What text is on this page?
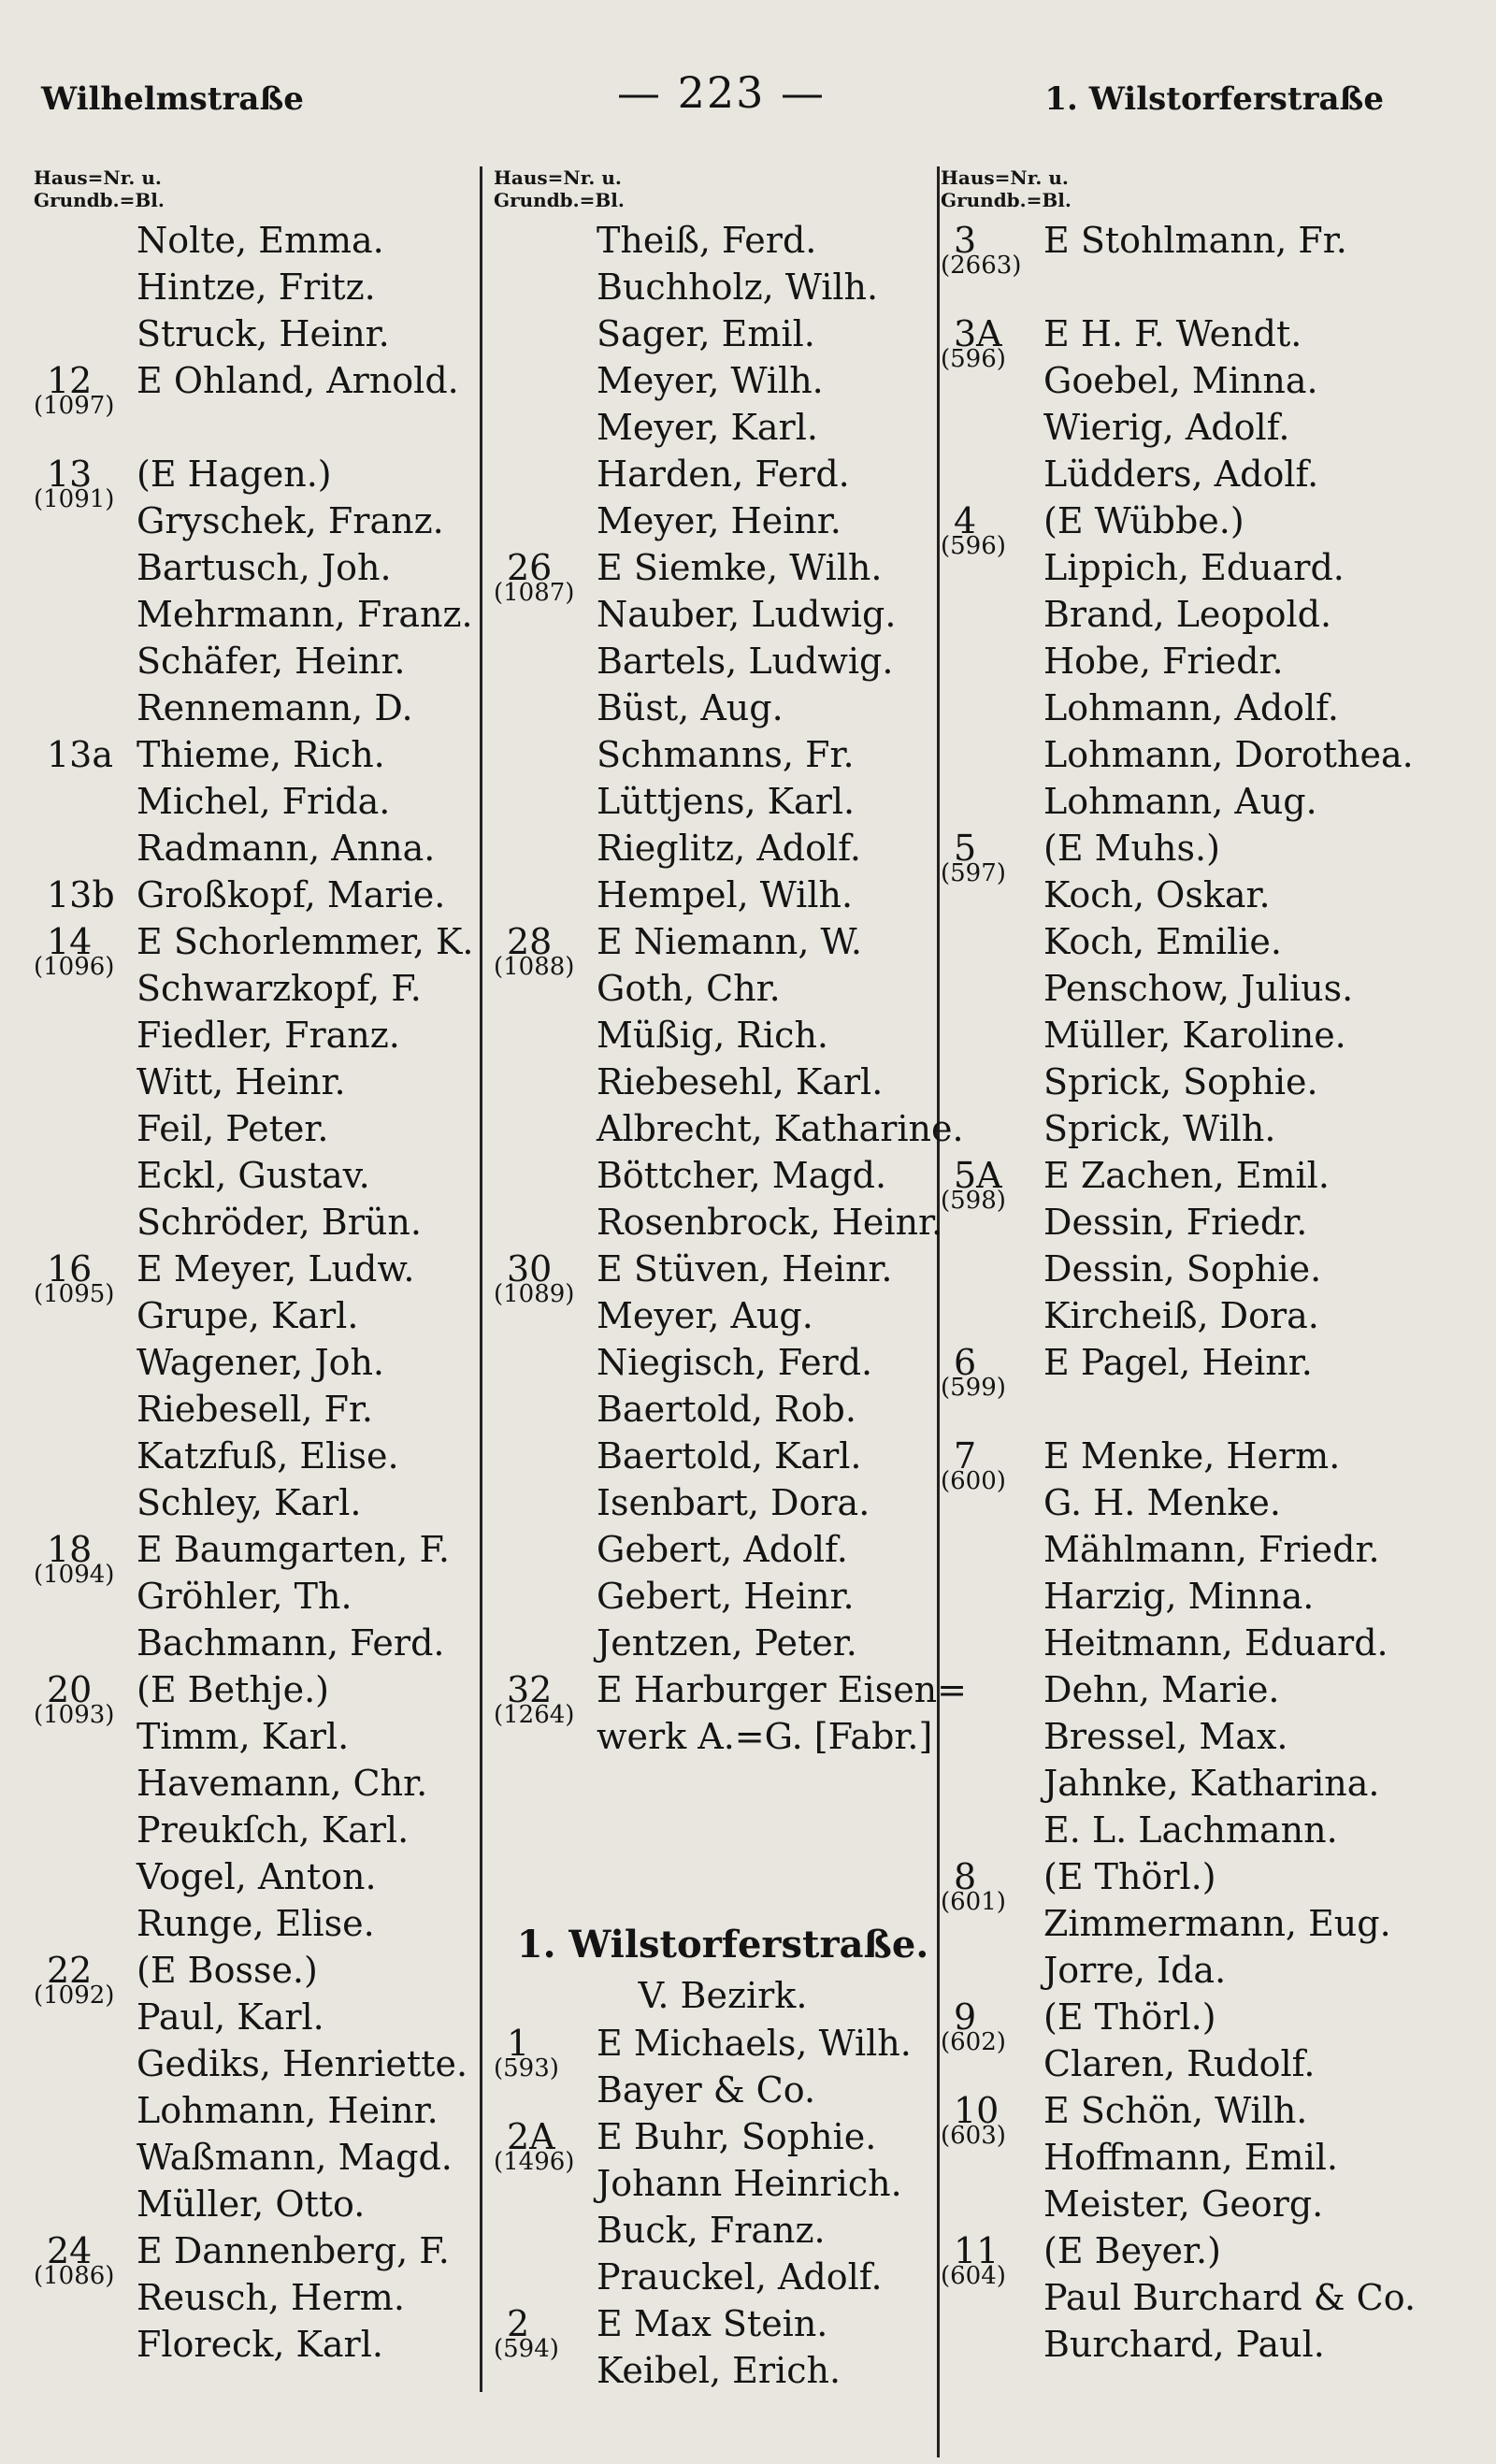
Wilhelmstraße	— 223 —	1. Wilstorferstraße
Haus=Nr. u.
Grundb.=Bl.
Nolte, Emma.
Hintze, Fritz.
Struck, Heinr.
12
(1097)
E Ohland, Arnold.
13
(1091)
(E Hagen.)
Gryschek, Franz.
Bartusch, Joh.
Mehrmann, Franz.
Schäfer, Heinr.
Rennemann, D.
13a Thieme, Rich.
Michel, Frida.
Radmann, Anna.
13b Großkopf, Marie.
14
(1096)
E Schorlemmer, K.
Schwarzkopf, F.
Fiedler, Franz.
Witt, Heinr.
Feil, Peter.
Eckl, Gustav.
Schröder, Brün.
16
(1095)
E Meyer, Ludw.
Grupe, Karl.
Wagener, Joh.
Riebesell, Fr.
Katzfuß, Elise.
Schley, Karl.
18
(1094)
E Baumgarten, F.
Gröhler, Th.
Bachmann, Ferd.
20
(1093)
(E Bethje.)
Timm, Karl.
Havemann, Chr.
Preukſch, Karl.
Vogel, Anton.
Runge, Elise.
22
(1092)
(E Bosse.)
Paul, Karl.
Gediks, Henriette.
Lohmann, Heinr.
Waßmann, Magd.
Müller, Otto.
24
(1086)
E Dannenberg, F.
Reusch, Herm.
Floreck, Karl.
Haus=Nr. u.
Grundb.=Bl.
Theiß, Ferd.
Buchholz, Wilh.
Sager, Emil.
Meyer, Wilh.
Meyer, Karl.
Harden, Ferd.
Meyer, Heinr.
26
(1087)
E Siemke, Wilh.
Nauber, Ludwig.
Bartels, Ludwig.
Büst, Aug.
Schmanns, Fr.
Lüttjens, Karl.
Rieglitz, Adolf.
Hempel, Wilh.
28
(1088)
E Niemann, W.
Goth, Chr.
Müßig, Rich.
Riebesehl, Karl.
Albrecht, Katharine.
Böttcher, Magd.
Rosenbrock, Heinr.
30
(1089)
E Stüven, Heinr.
Meyer, Aug.
Niegisch, Ferd.
Baertold, Rob.
Baertold, Karl.
Isenbart, Dora.
Gebert, Adolf.
Gebert, Heinr.
Jentzen, Peter.
32
(1264)
E Harburger Eisen=
werk A.=G. [Fabr.]
1. Wilstorferstraße.
V. Bezirk.
1
(593)
E Michaels, Wilh.
Bayer & Co.
2A
(1496)
E Buhr, Sophie.
Johann Heinrich.
Buck, Franz.
Prauckel, Adolf.
2
(594)
E Max Stein.
Keibel, Erich.
Haus=Nr. u.
Grundb.=Bl.
3
(2663)
E Stohlmann, Fr.
3A
(596)
E H. F. Wendt.
Goebel, Minna.
Wierig, Adolf.
Lüdders, Adolf.
4
(596)
(E Wübbe.)
Lippich, Eduard.
Brand, Leopold.
Hobe, Friedr.
Lohmann, Adolf.
Lohmann, Dorothea.
Lohmann, Aug.
5
(597)
(E Muhs.)
Koch, Oskar.
Koch, Emilie.
Penschow, Julius.
Müller, Karoline.
Sprick, Sophie.
Sprick, Wilh.
5A
(598)
E Zachen, Emil.
Dessin, Friedr.
Dessin, Sophie.
Kircheiß, Dora.
6
(599)
E Pagel, Heinr.
7
(600)
E Menke, Herm.
G. H. Menke.
Mählmann, Friedr.
Harzig, Minna.
Heitmann, Eduard.
Dehn, Marie.
Bressel, Max.
Jahnke, Katharina.
E. L. Lachmann.
8
(601)
(E Thörl.)
Zimmermann, Eug.
Jorre, Ida.
9
(602)
(E Thörl.)
Claren, Rudolf.
10
(603)
E Schön, Wilh.
Hoffmann, Emil.
Meister, Georg.
11
(604)
(E Beyer.)
Paul Burchard & Co.
Burchard, Paul.
